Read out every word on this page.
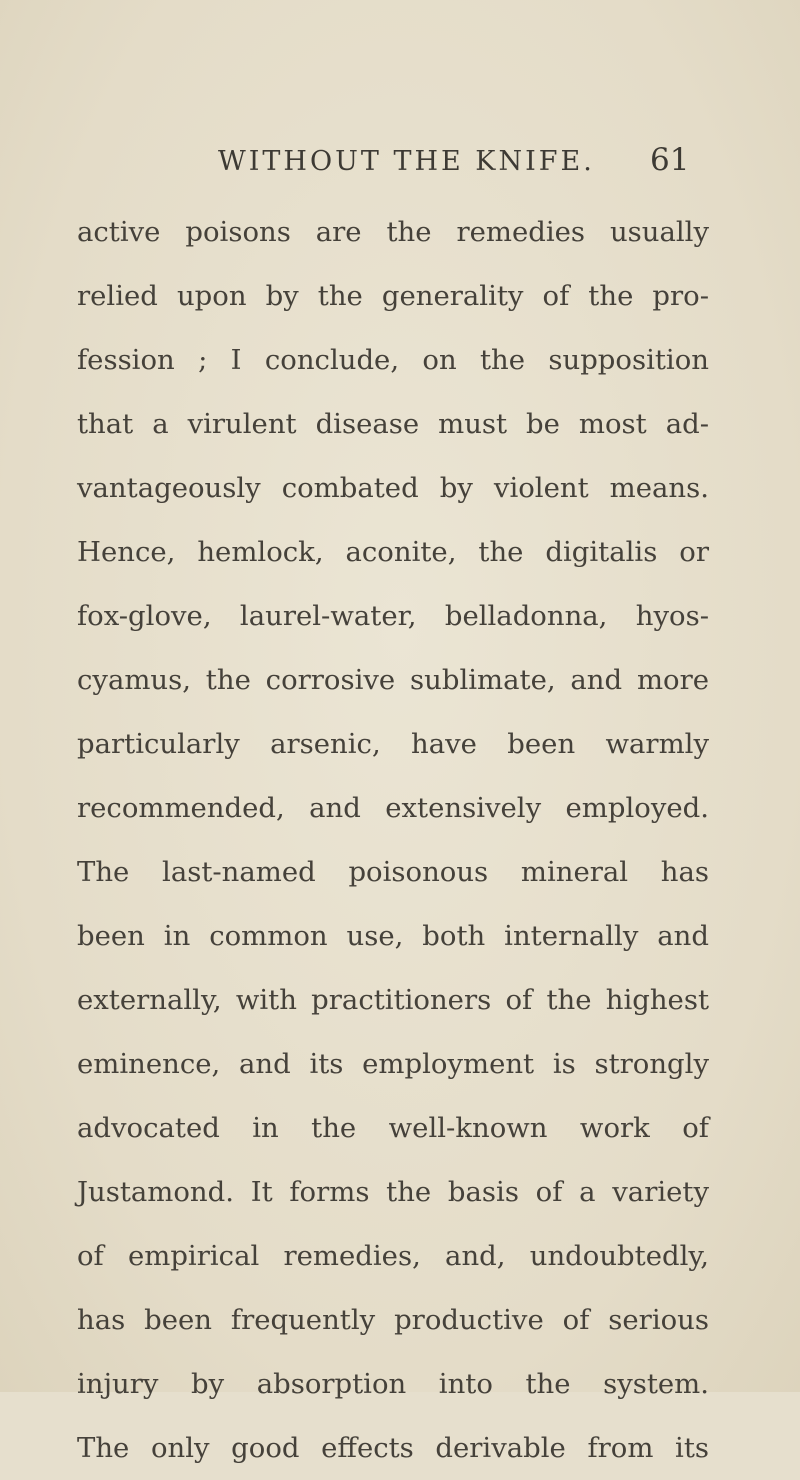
WITHOUT THE KNIFE. 61
active poisons are the remedies usually
relied upon by the generality of the pro-
fession ; I conclude, on the supposition
that a virulent disease must be most ad-
vantageously combated by violent means.
Hence, hemlock, aconite, the digitalis or
fox-glove, laurel-water, belladonna, hyos-
cyamus, the corrosive sublimate, and more
particularly arsenic, have been warmly
recommended, and extensively employed.
The last-named poisonous mineral has
been in common use, both internally and
externally, with practitioners of the highest
eminence, and its employment is strongly
advocated in the well-known work of
Justamond. It forms the basis of a variety
of empirical remedies, and, undoubtedly,
has been frequently productive of serious
injury by absorption into the system.
The only good effects derivable from its
